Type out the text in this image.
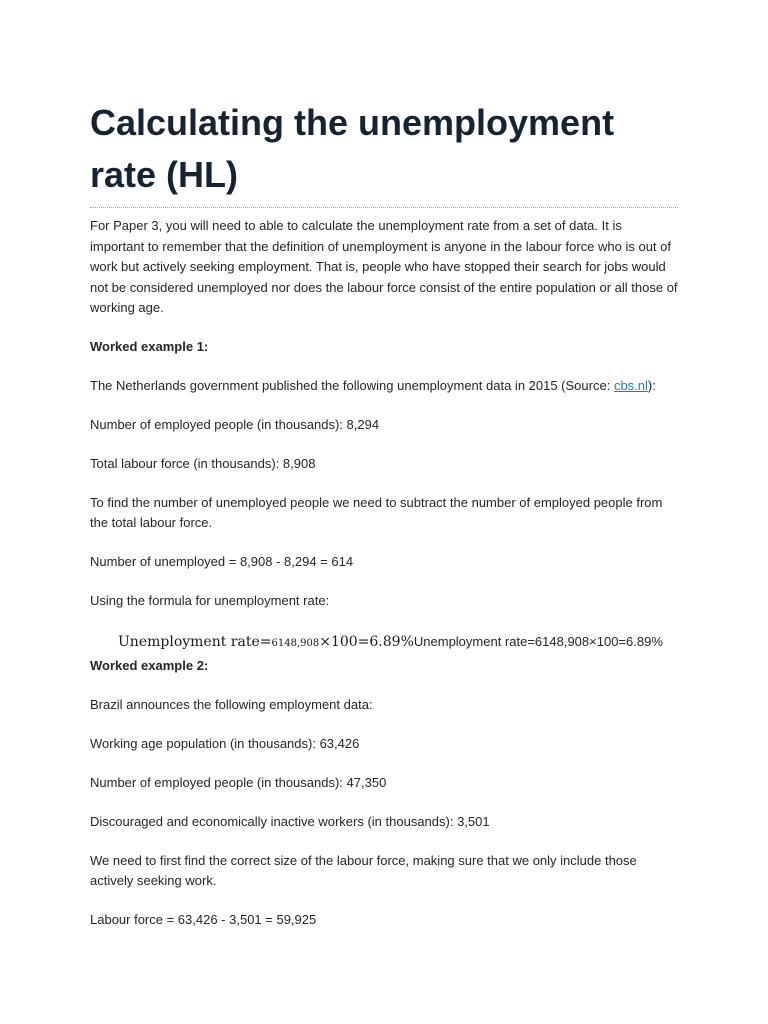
Calculating the unemployment rate (HL)

For Paper 3, you will need to able to calculate the unemployment rate from a set of data. It is important to remember that the definition of unemployment is anyone in the labour force who is out of work but actively seeking employment. That is, people who have stopped their search for jobs would not be considered unemployed nor does the labour force consist of the entire population or all those of working age.

Worked example 1:

The Netherlands government published the following unemployment data in 2015 (Source: cbs.nl):

Number of employed people (in thousands): 8,294

Total labour force (in thousands): 8,908

To find the number of unemployed people we need to subtract the number of employed people from the total labour force.

Number of unemployed = 8,908 - 8,294 = 614

Using the formula for unemployment rate:

Unemployment rate=6148,908×100=6.89%Unemployment rate=6148,908×100=6.89%

Worked example 2:

Brazil announces the following employment data:

Working age population (in thousands): 63,426

Number of employed people (in thousands): 47,350

Discouraged and economically inactive workers (in thousands): 3,501

We need to first find the correct size of the labour force, making sure that we only include those actively seeking work.

Labour force = 63,426 - 3,501 = 59,925
